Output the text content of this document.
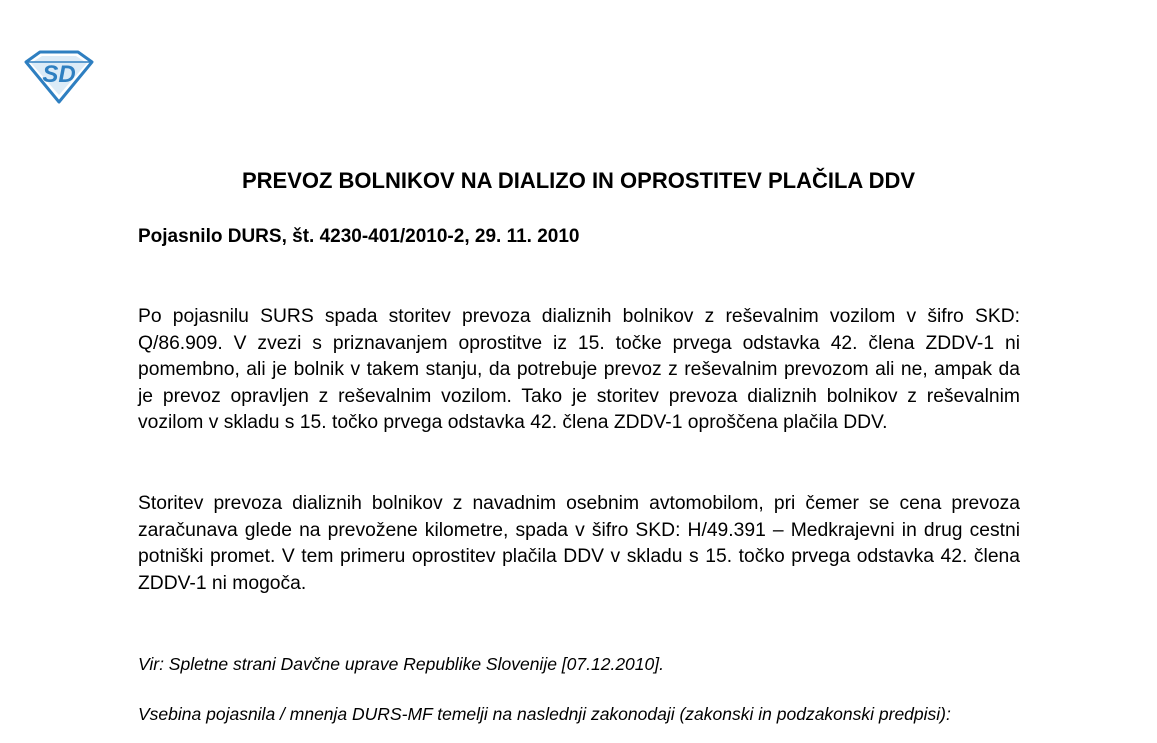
SD
PREVOZ BOLNIKOV NA DIALIZO IN OPROSTITEV PLAČILA DDV

Pojasnilo DURS, št. 4230-401/2010-2, 29. 11. 2010

Po pojasnilu SURS spada storitev prevoza dializnih bolnikov z reševalnim vozilom v šifro SKD: Q/86.909. V zvezi s priznavanjem oprostitve iz 15. točke prvega odstavka 42. člena ZDDV-1 ni pomembno, ali je bolnik v takem stanju, da potrebuje prevoz z reševalnim prevozom ali ne, ampak da je prevoz opravljen z reševalnim vozilom. Tako je storitev prevoza dializnih bolnikov z reševalnim vozilom v skladu s 15. točko prvega odstavka 42. člena ZDDV-1 oproščena plačila DDV.

Storitev prevoza dializnih bolnikov z navadnim osebnim avtomobilom, pri čemer se cena prevoza zaračunava glede na prevožene kilometre, spada v šifro SKD: H/49.391 – Medkrajevni in drug cestni potniški promet. V tem primeru oprostitev plačila DDV v skladu s 15. točko prvega odstavka 42. člena ZDDV-1 ni mogoča.

Vir: Spletne strani Davčne uprave Republike Slovenije [07.12.2010].

Vsebina pojasnila / mnenja DURS-MF temelji na naslednji zakonodaji (zakonski in podzakonski predpisi):
